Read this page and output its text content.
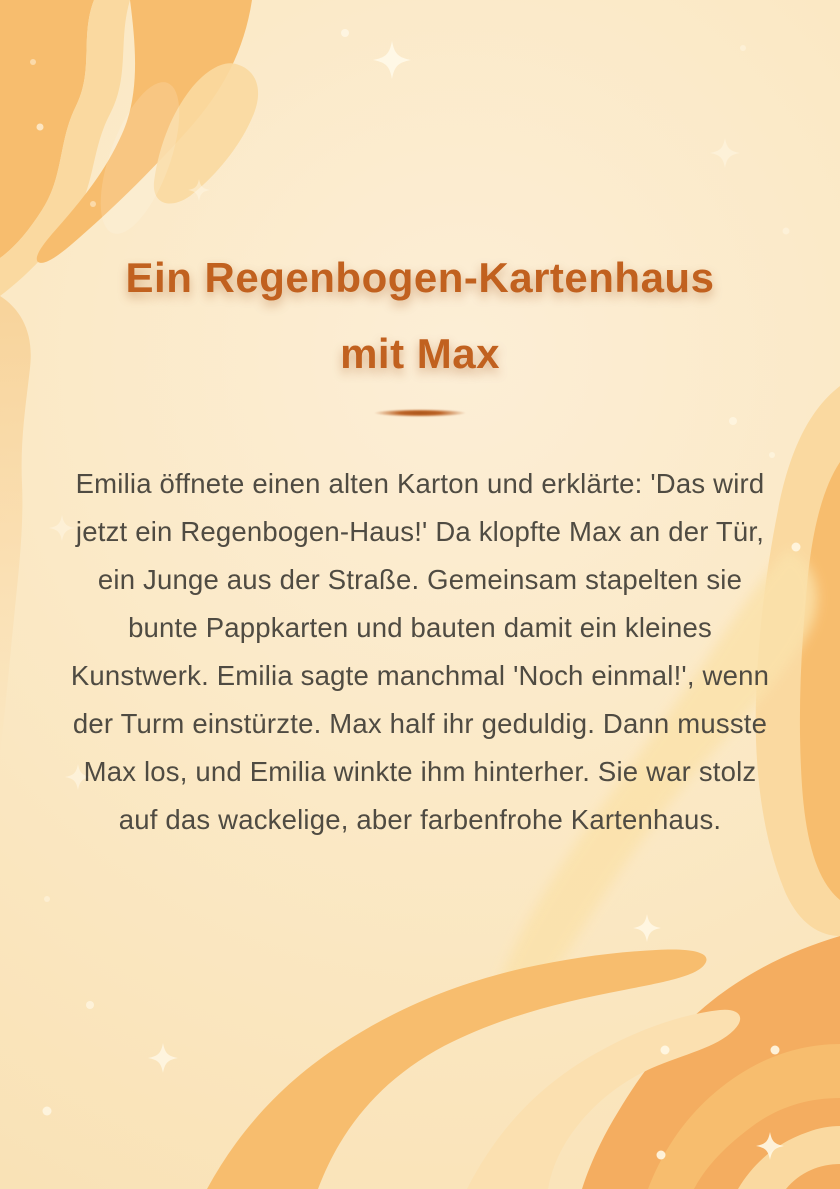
Ein Regenbogen-Kartenhaus
mit Max

Emilia öffnete einen alten Karton und erklärte: 'Das wird jetzt ein Regenbogen-Haus!' Da klopfte Max an der Tür, ein Junge aus der Straße. Gemeinsam stapelten sie bunte Pappkarten und bauten damit ein kleines Kunstwerk. Emilia sagte manchmal 'Noch einmal!', wenn der Turm einstürzte. Max half ihr geduldig. Dann musste Max los, und Emilia winkte ihm hinterher. Sie war stolz auf das wackelige, aber farbenfrohe Kartenhaus.
